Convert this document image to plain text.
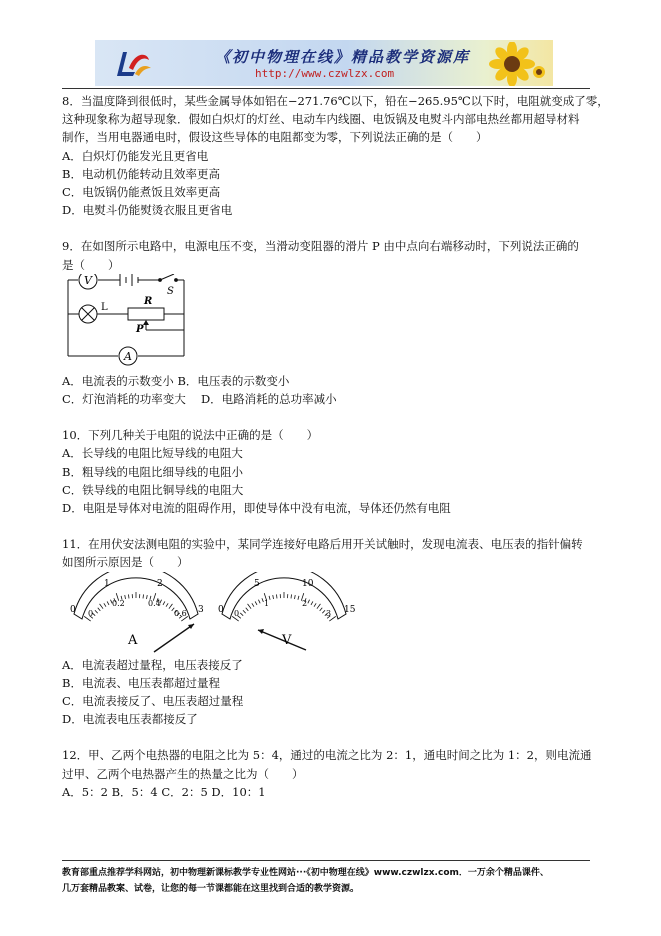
《初中物理在线》精品教学资源库
http://www.czwlzx.com
8．当温度降到很低时，某些金属导体如铝在−271.76℃以下，铅在−265.95℃以下时，电阻就变成了零，
这种现象称为超导现象．假如白炽灯的灯丝、电动车内线圈、电饭锅及电熨斗内部电热丝都用超导材料
制作，当用电器通电时，假设这些导体的电阻都变为零，下列说法正确的是（　　）
A．白炽灯仍能发光且更省电
B．电动机仍能转动且效率更高
C．电饭锅仍能煮饭且效率更高
D．电熨斗仍能熨烫衣服且更省电
9．在如图所示电路中，电源电压不变，当滑动变阻器的滑片 P 由中点向右端移动时，下列说法正确的
是（　　）
V
L
S
R
P
A
A．电流表的示数变小 B．电压表的示数变小
C．灯泡消耗的功率变大　 D．电路消耗的总功率减小
10．下列几种关于电阻的说法中正确的是（　　）
A．长导线的电阻比短导线的电阻大
B．粗导线的电阻比细导线的电阻小
C．铁导线的电阻比铜导线的电阻大
D．电阻是导体对电流的阻碍作用，即使导体中没有电流，导体还仍然有电阻
11．在用伏安法测电阻的实验中，某同学连接好电路后用开关试触时，发现电流表、电压表的指针偏转
如图所示原因是（　　）
0
1	2
3
0
0.2	0.4
0.6
A
0
5	10
15
0
1	2
3
V
A．电流表超过量程，电压表接反了
B．电流表、电压表都超过量程
C．电流表接反了、电压表超过量程
D．电流表电压表都接反了
12．甲、乙两个电热器的电阻之比为 5：4，通过的电流之比为 2：1，通电时间之比为 1：2，则电流通
过甲、乙两个电热器产生的热量之比为（　　）
A．5：2 B．5：4 C．2：5 D．10：1
教育部重点推荐学科网站，初中物理新课标教学专业性网站···《初中物理在线》www.czwlzx.com．一万余个精品课件、
几万套精品教案、试卷，让您的每一节课都能在这里找到合适的教学资源。
